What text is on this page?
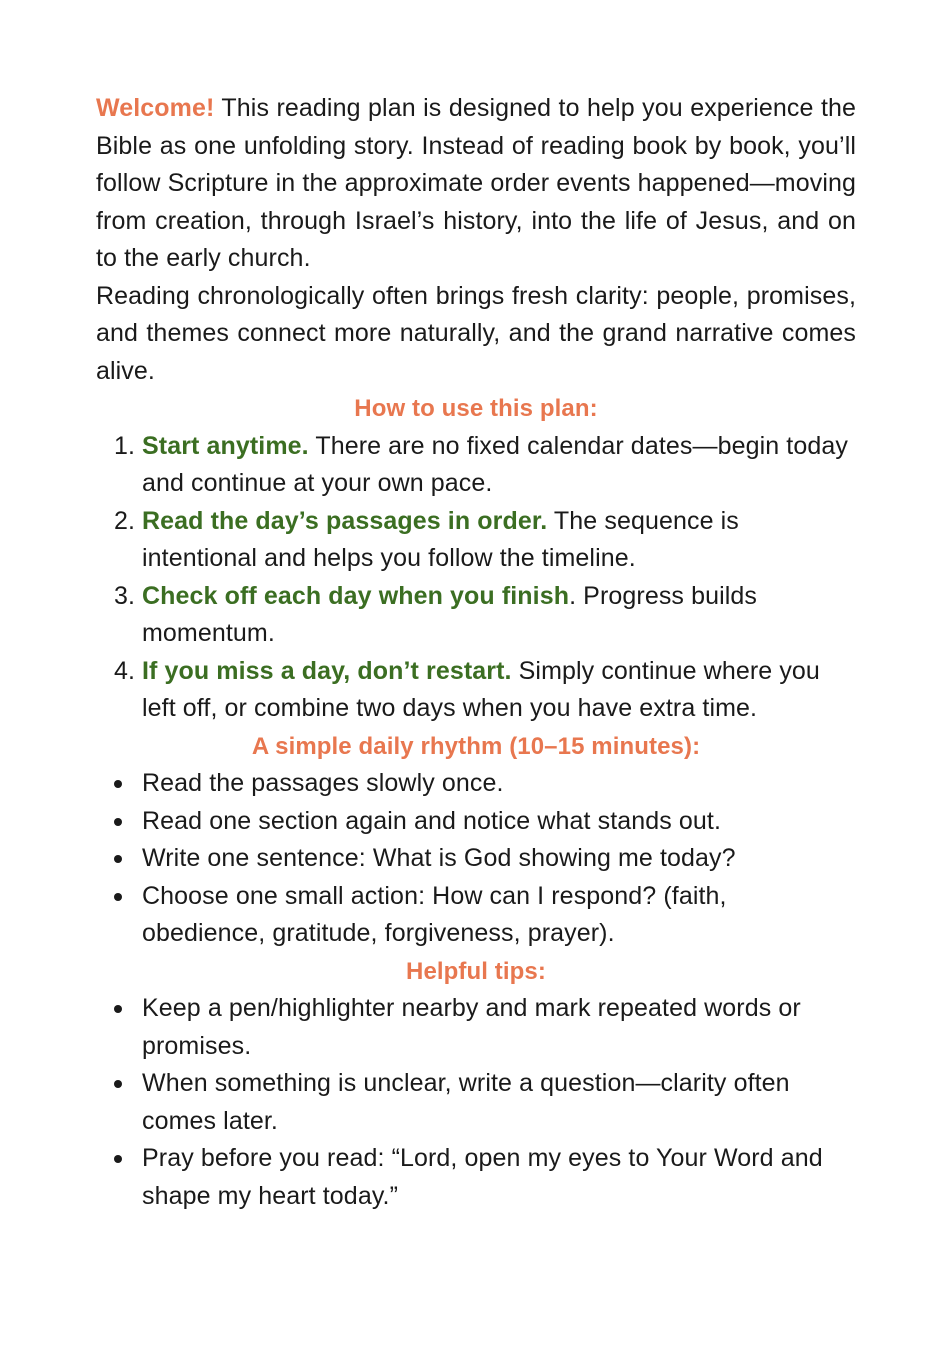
Welcome! This reading plan is designed to help you experience the Bible as one unfolding story. Instead of reading book by book, you’ll follow Scripture in the approximate order events happened—moving from creation, through Israel’s history, into the life of Jesus, and on to the early church.

Reading chronologically often brings fresh clarity: people, promises, and themes connect more naturally, and the grand narrative comes alive.

How to use this plan:

1. Start anytime. There are no fixed calendar dates—begin today and continue at your own pace.
2. Read the day’s passages in order. The sequence is intentional and helps you follow the timeline.
3. Check off each day when you finish. Progress builds momentum.
4. If you miss a day, don’t restart. Simply continue where you left off, or combine two days when you have extra time.

A simple daily rhythm (10–15 minutes):

Read the passages slowly once.
Read one section again and notice what stands out.
Write one sentence: What is God showing me today?
Choose one small action: How can I respond? (faith, obedience, gratitude, forgiveness, prayer).

Helpful tips:

Keep a pen/highlighter nearby and mark repeated words or promises.
When something is unclear, write a question—clarity often comes later.
Pray before you read: “Lord, open my eyes to Your Word and shape my heart today.”
